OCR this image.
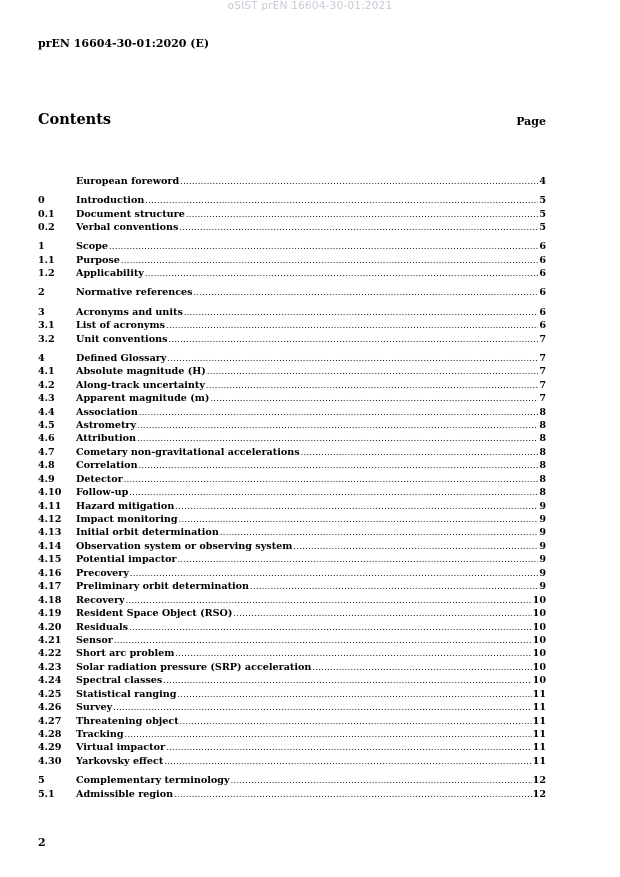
oSIST prEN 16604-30-01:2021
prEN 16604-30-01:2020 (E)
Contents	Page
European foreword .....	4
0	Introduction .....	5
0.1	Document structure .....	5
0.2	Verbal conventions .....	5
1	Scope .....	6
1.1	Purpose .....	6
1.2	Applicability .....	6
2	Normative references .....	6
3	Acronyms and units .....	6
3.1	List of acronyms .....	6
3.2	Unit conventions .....	7
4	Defined Glossary .....	7
4.1	Absolute magnitude (H) .....	7
4.2	Along-track uncertainty .....	7
4.3	Apparent magnitude (m) .....	7
4.4	Association .....	8
4.5	Astrometry .....	8
4.6	Attribution .....	8
4.7	Cometary non-gravitational accelerations .....	8
4.8	Correlation .....	8
4.9	Detector .....	8
4.10	Follow-up .....	8
4.11	Hazard mitigation .....	9
4.12	Impact monitoring .....	9
4.13	Initial orbit determination .....	9
4.14	Observation system or observing system .....	9
4.15	Potential impactor .....	9
4.16	Precovery .....	9
4.17	Preliminary orbit determination .....	9
4.18	Recovery .....	10
4.19	Resident Space Object (RSO) .....	10
4.20	Residuals .....	10
4.21	Sensor .....	10
4.22	Short arc problem .....	10
4.23	Solar radiation pressure (SRP) acceleration .....	10
4.24	Spectral classes .....	10
4.25	Statistical ranging .....	11
4.26	Survey .....	11
4.27	Threatening object .....	11
4.28	Tracking .....	11
4.29	Virtual impactor .....	11
4.30	Yarkovsky effect .....	11
5	Complementary terminology .....	12
5.1	Admissible region .....	12
2
